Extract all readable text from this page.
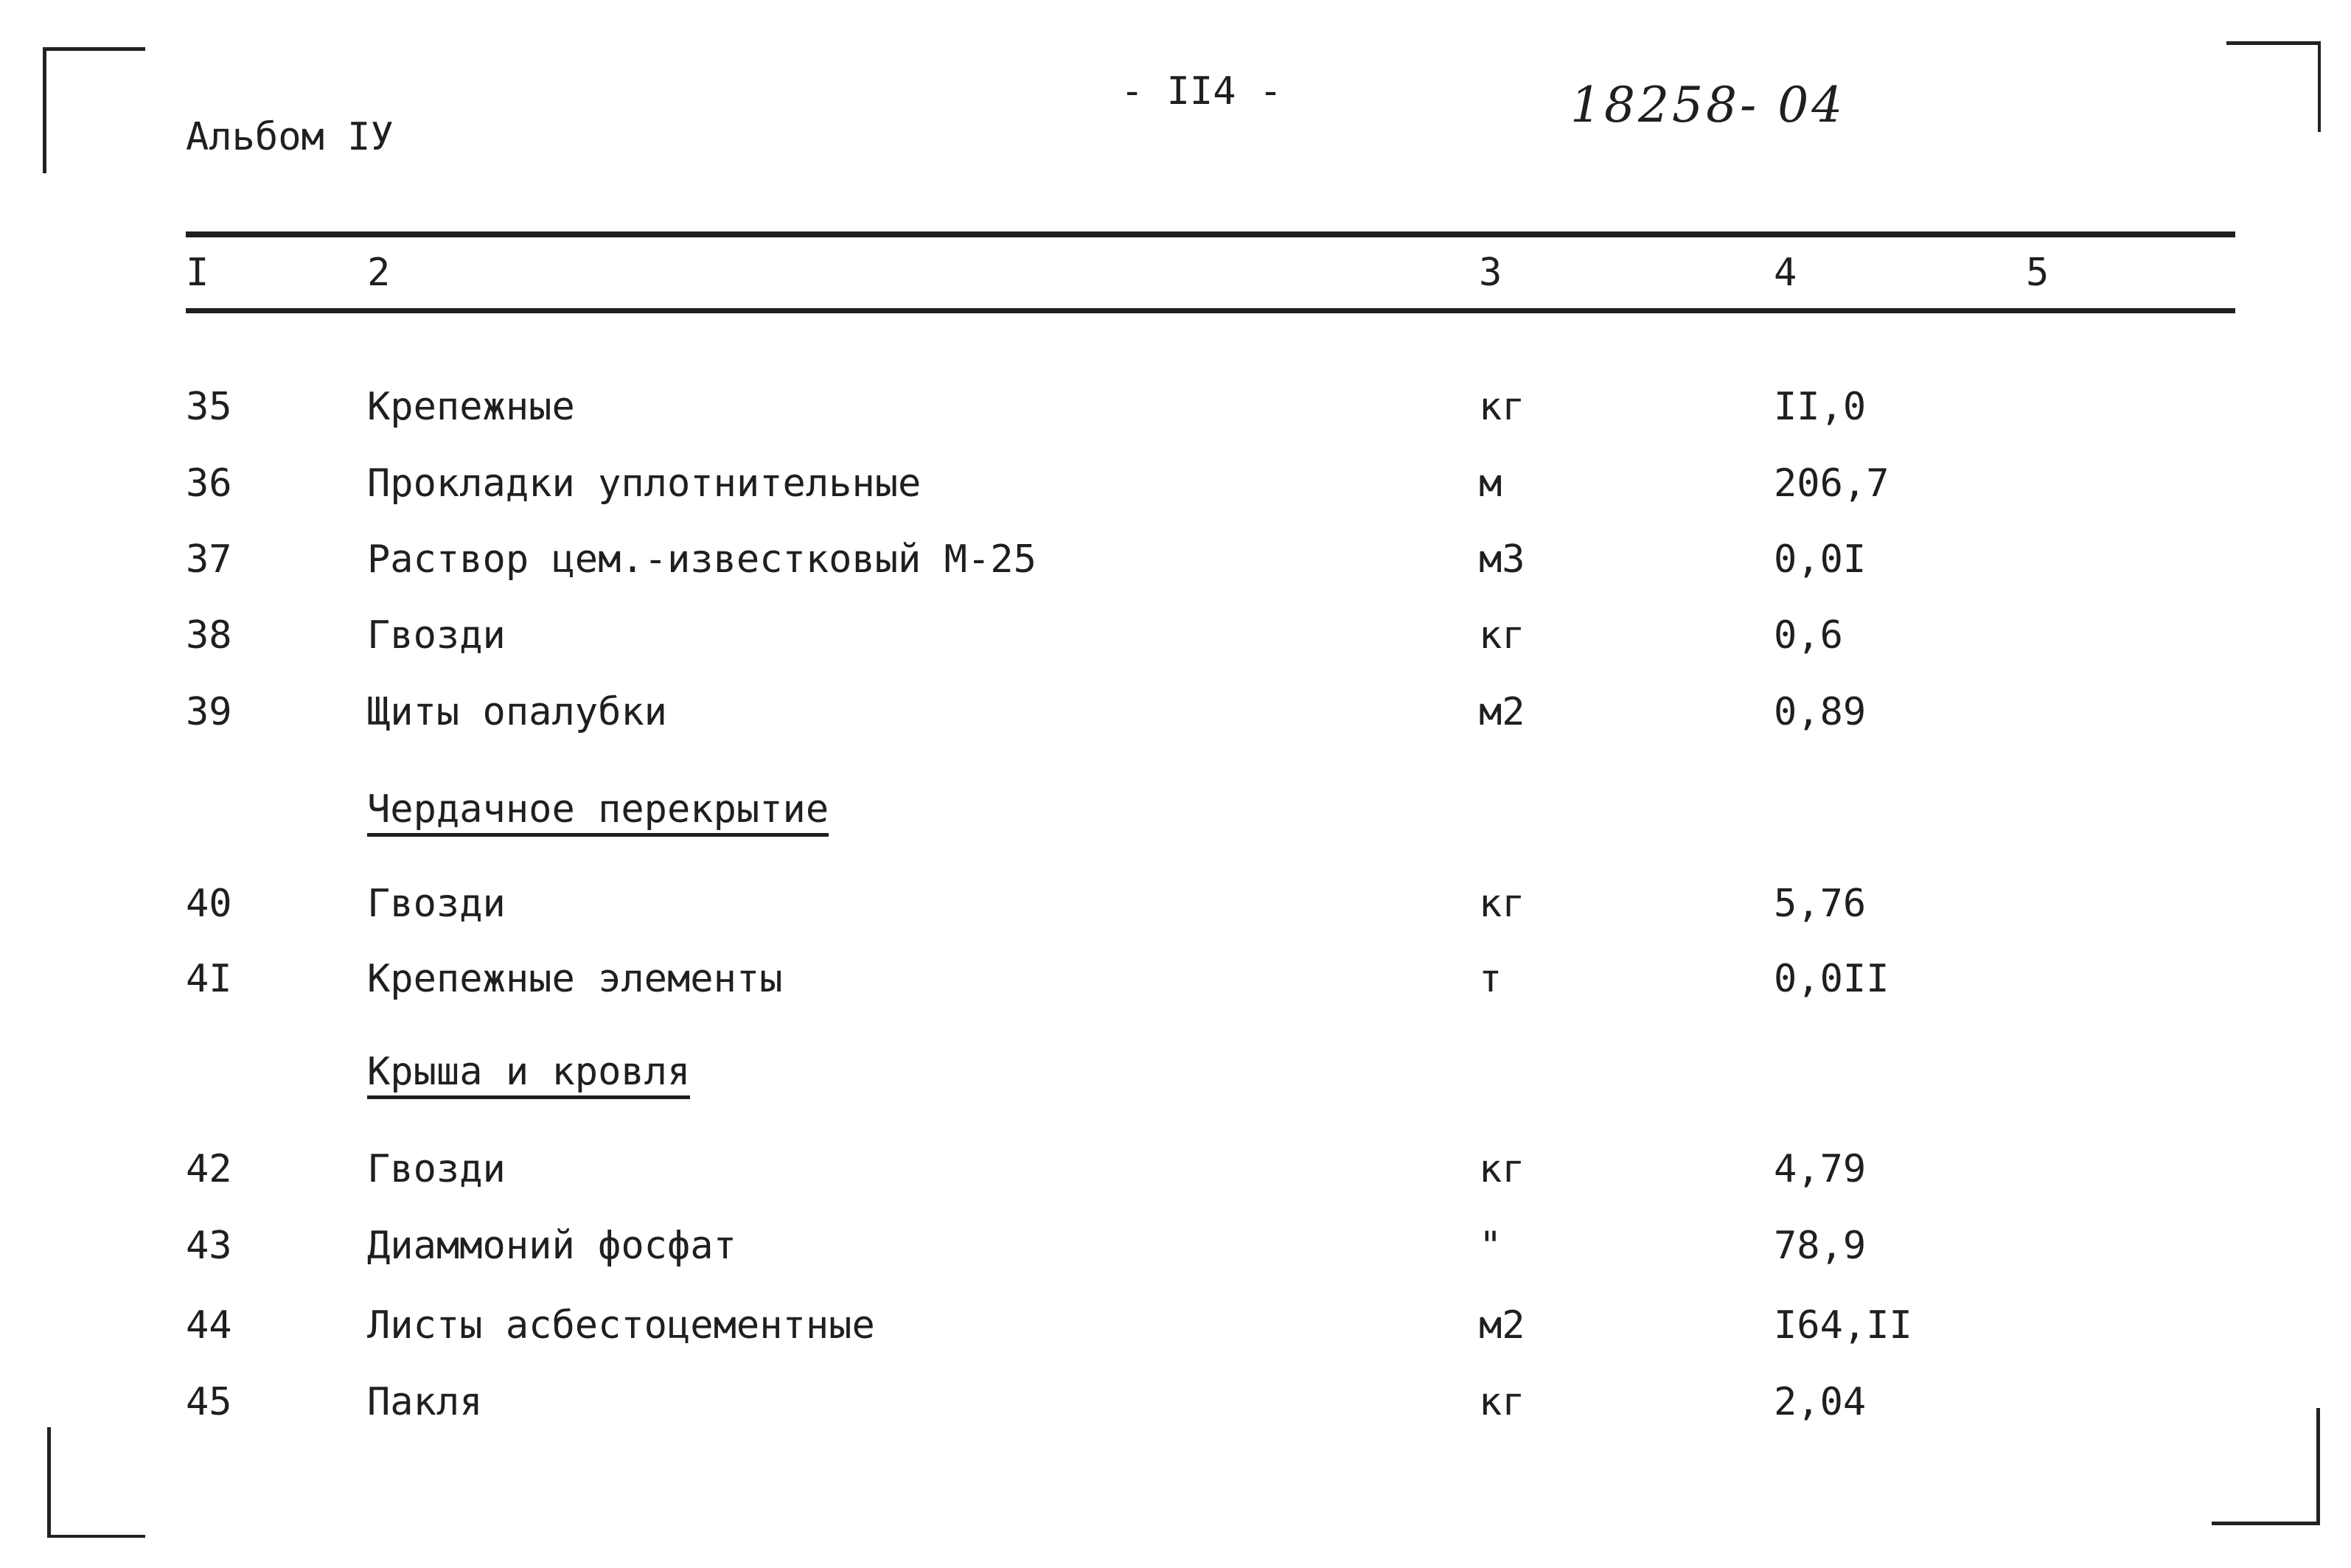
Альбом IУ
- II4 -	18258- 04
I	2	3	4	5
35	Крепежные	кг	II,0
36	Прокладки уплотнительные	м	206,7
37	Раствор цем.-известковый М-25	м3	0,0I
38	Гвозди	кг	0,6
39	Щиты опалубки	м2	0,89
Чердачное перекрытие
40	Гвозди	кг	5,76
4I	Крепежные элементы	т	0,0II
Крыша и кровля
42	Гвозди	кг	4,79
43	Диаммоний фосфат	"	78,9
44	Листы асбестоцементные	м2	I64,II
45	Пакля	кг	2,04
